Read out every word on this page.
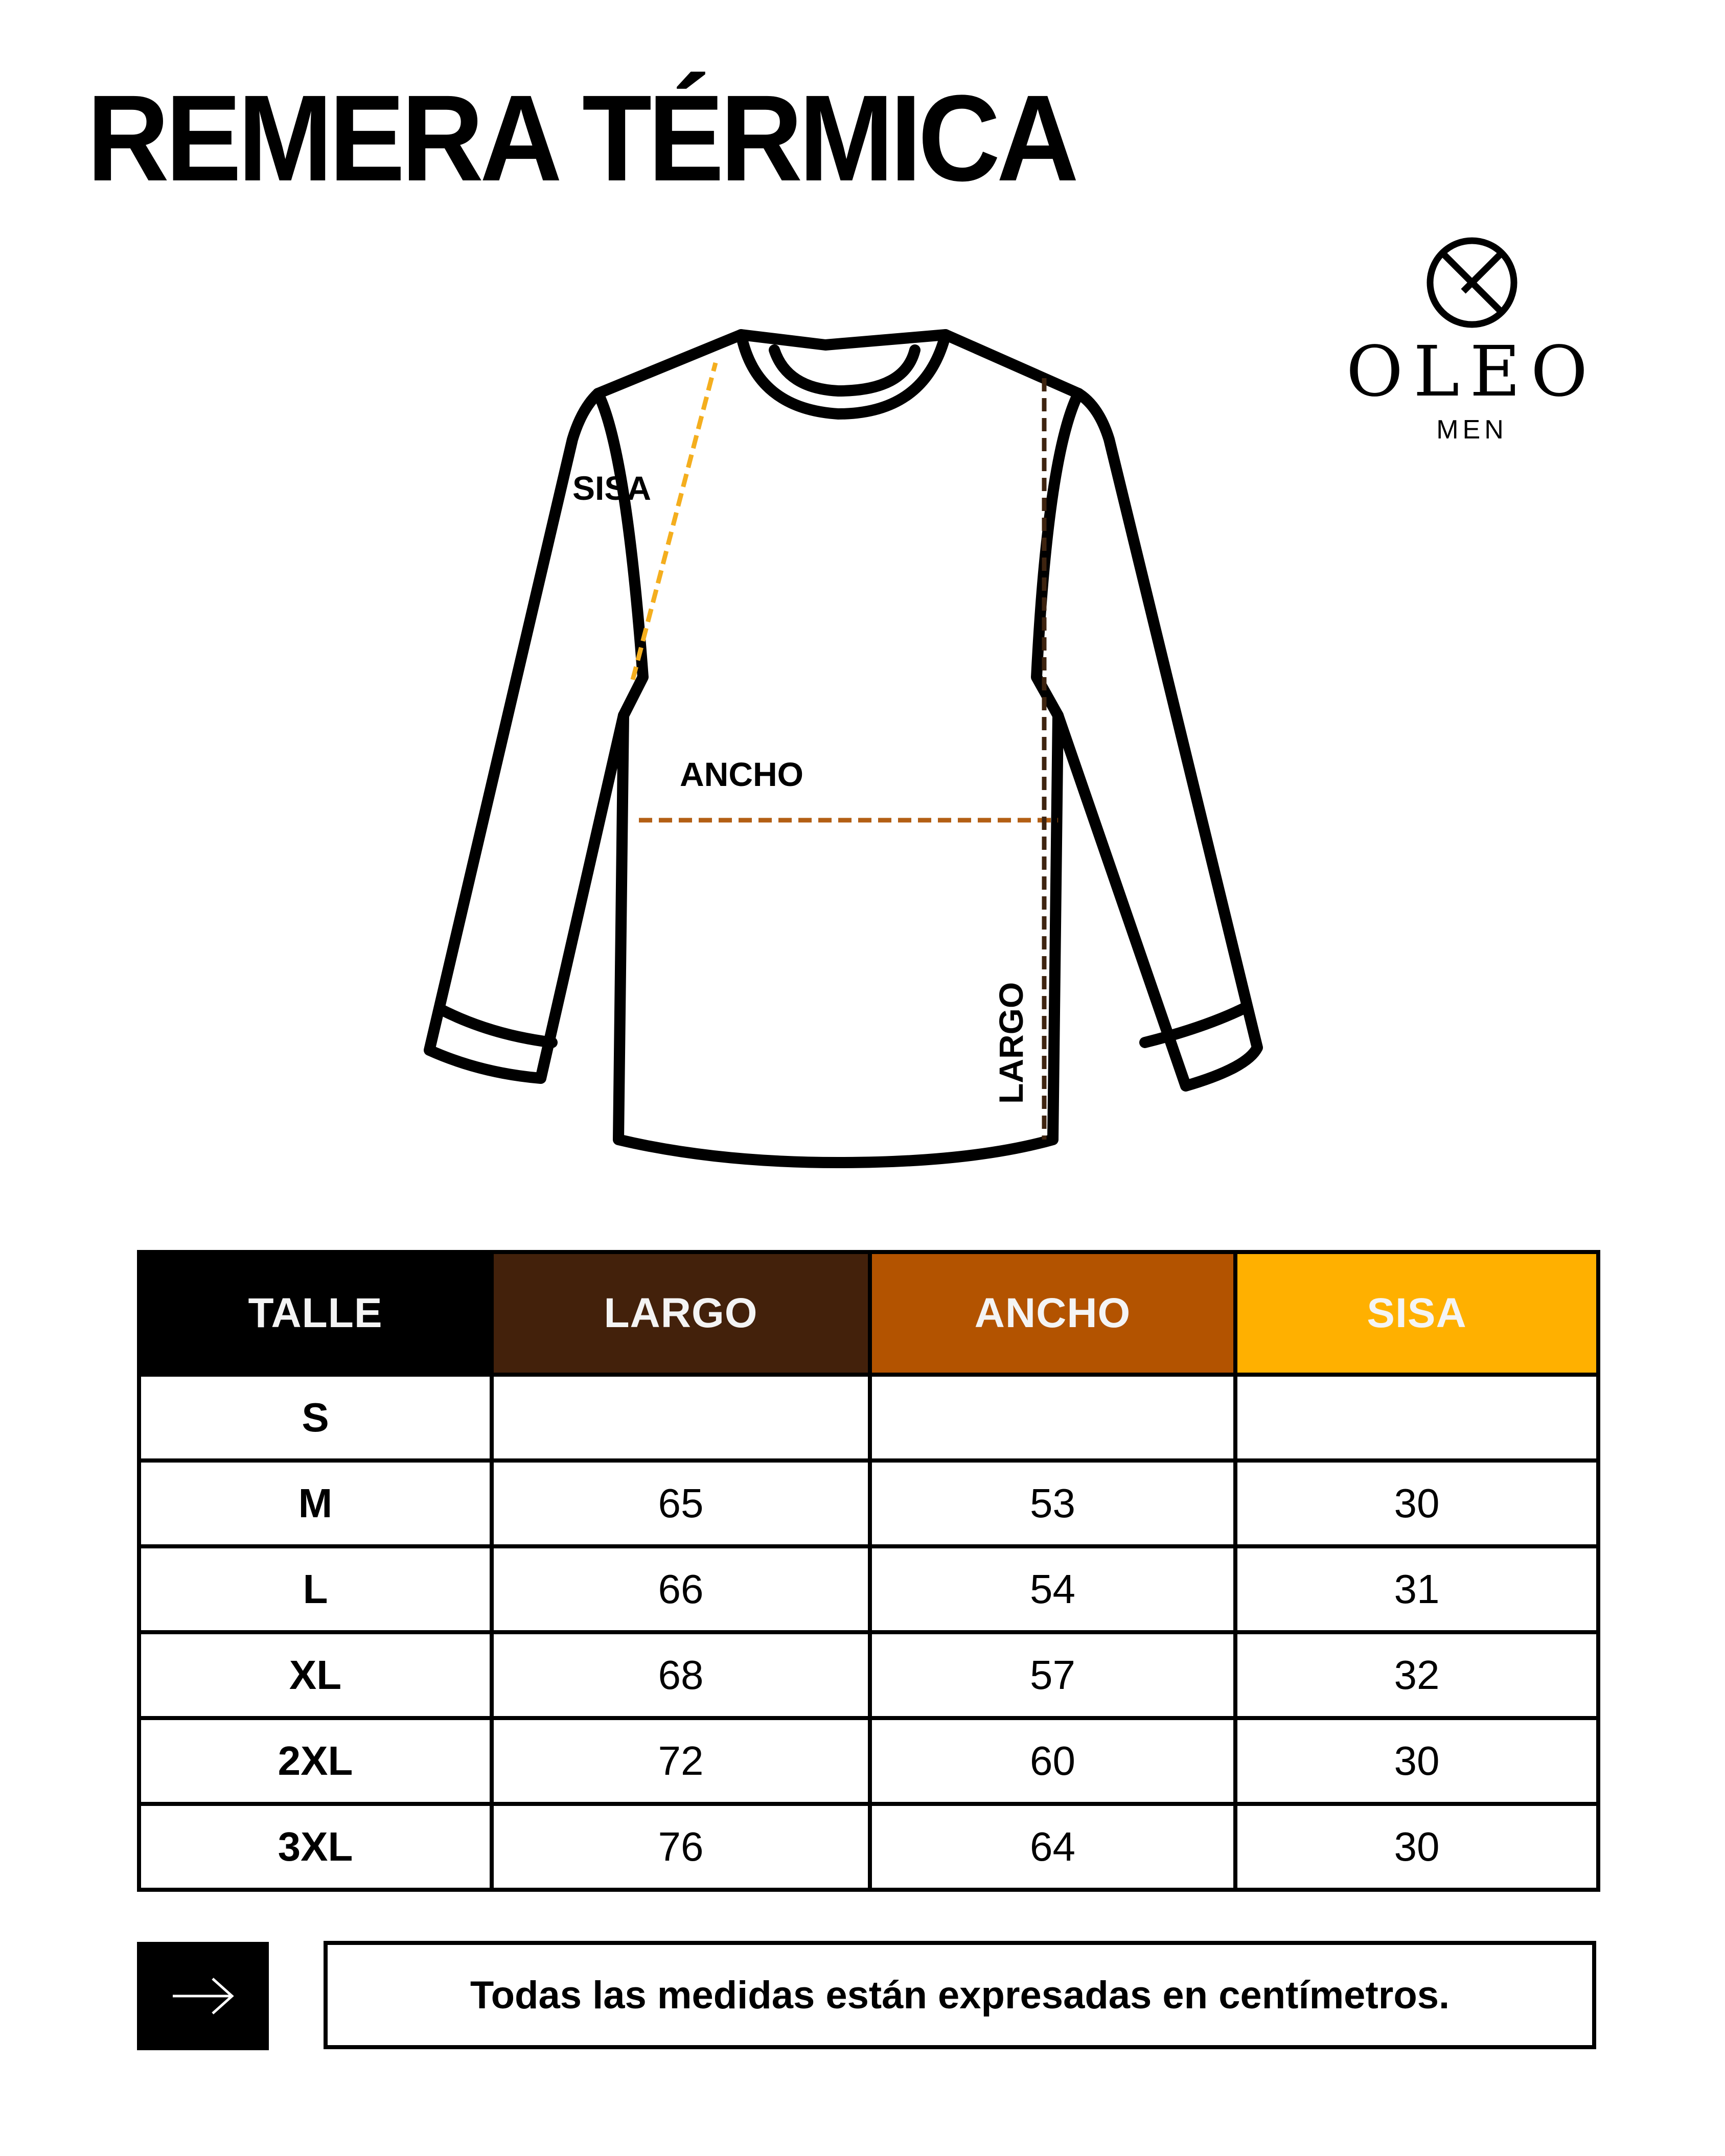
REMERA TÉRMICA
OLEO
MEN
SISA
ANCHO
LARGO
TALLE	LARGO	ANCHO	SISA
S			
M	65	53	30
L	66	54	31
XL	68	57	32
2XL	72	60	30
3XL	76	64	30
Todas las medidas están expresadas en centímetros.
